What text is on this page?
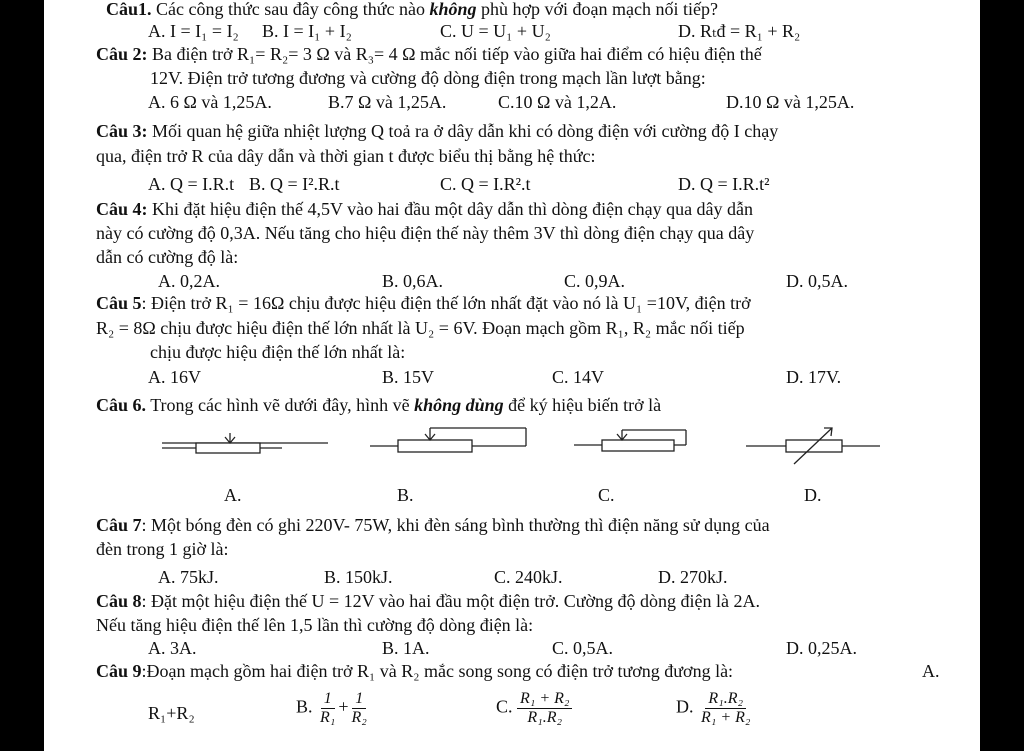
Câu1. Các công thức sau đây công thức nào không phù hợp với đoạn mạch nối tiếp?
A. I = I₁ = I₂ B. I = I₁ + I₂	C. U = U₁ + U₂	D. Rₜđ = R₁ + R₂
Câu 2: Ba điện trở R₁= R₂= 3 Ω và R₃= 4 Ω mắc nối tiếp vào giữa hai điểm có hiệu điện thế
12V. Điện trở tương đương và cường độ dòng điện trong mạch lần lượt bằng:
A. 6 Ω và 1,25A.	B.7 Ω và 1,25A.	C.10 Ω và 1,2A.	D.10 Ω và 1,25A.
Câu 3: Mối quan hệ giữa nhiệt lượng Q toả ra ở dây dẫn khi có dòng điện với cường độ I chạy
qua, điện trở R của dây dẫn và thời gian t được biểu thị bằng hệ thức:
A. Q = I.R.t B. Q = I².R.t	C. Q = I.R².t	D. Q = I.R.t²
Câu 4: Khi đặt hiệu điện thế 4,5V vào hai đầu một dây dẫn thì dòng điện chạy qua dây dẫn
này có cường độ 0,3A. Nếu tăng cho hiệu điện thế này thêm 3V thì dòng điện chạy qua dây
dẫn có cường độ là:
A. 0,2A.	B. 0,6A.	C. 0,9A.	D. 0,5A.
Câu 5: Điện trở R₁ = 16Ω chịu được hiệu điện thế lớn nhất đặt vào nó là U₁ =10V, điện trở
R₂ = 8Ω chịu được hiệu điện thế lớn nhất là U₂ = 6V. Đoạn mạch gồm R₁, R₂ mắc nối tiếp
chịu được hiệu điện thế lớn nhất là:
A. 16V	B. 15V	C. 14V	D. 17V.
Câu 6. Trong các hình vẽ dưới đây, hình vẽ không dùng để ký hiệu biến trở là
A.	B.	C.	D.
Câu 7: Một bóng đèn có ghi 220V- 75W, khi đèn sáng bình thường thì điện năng sử dụng của
đèn trong 1 giờ là:
A. 75kJ.	B. 150kJ.	C. 240kJ.	D. 270kJ.
Câu 8: Đặt một hiệu điện thế U = 12V vào hai đầu một điện trở. Cường độ dòng điện là 2A.
Nếu tăng hiệu điện thế lên 1,5 lần thì cường độ dòng điện là:
A. 3A.	B. 1A.	C. 0,5A.	D. 0,25A.
Câu 9:Đoạn mạch gồm hai điện trở R₁ và R₂ mắc song song có điện trở tương đương là:	A.
R₁+R₂	B. $\frac{1}{\text{R₁}} + \frac{1}{\text{R₂}}$	C. $\frac{\text{R₁ + R₂}}{\text{R₁.R₂}}$	D. $\frac{\text{R₁.R₂}}{\text{R₁ + R₂}}$
